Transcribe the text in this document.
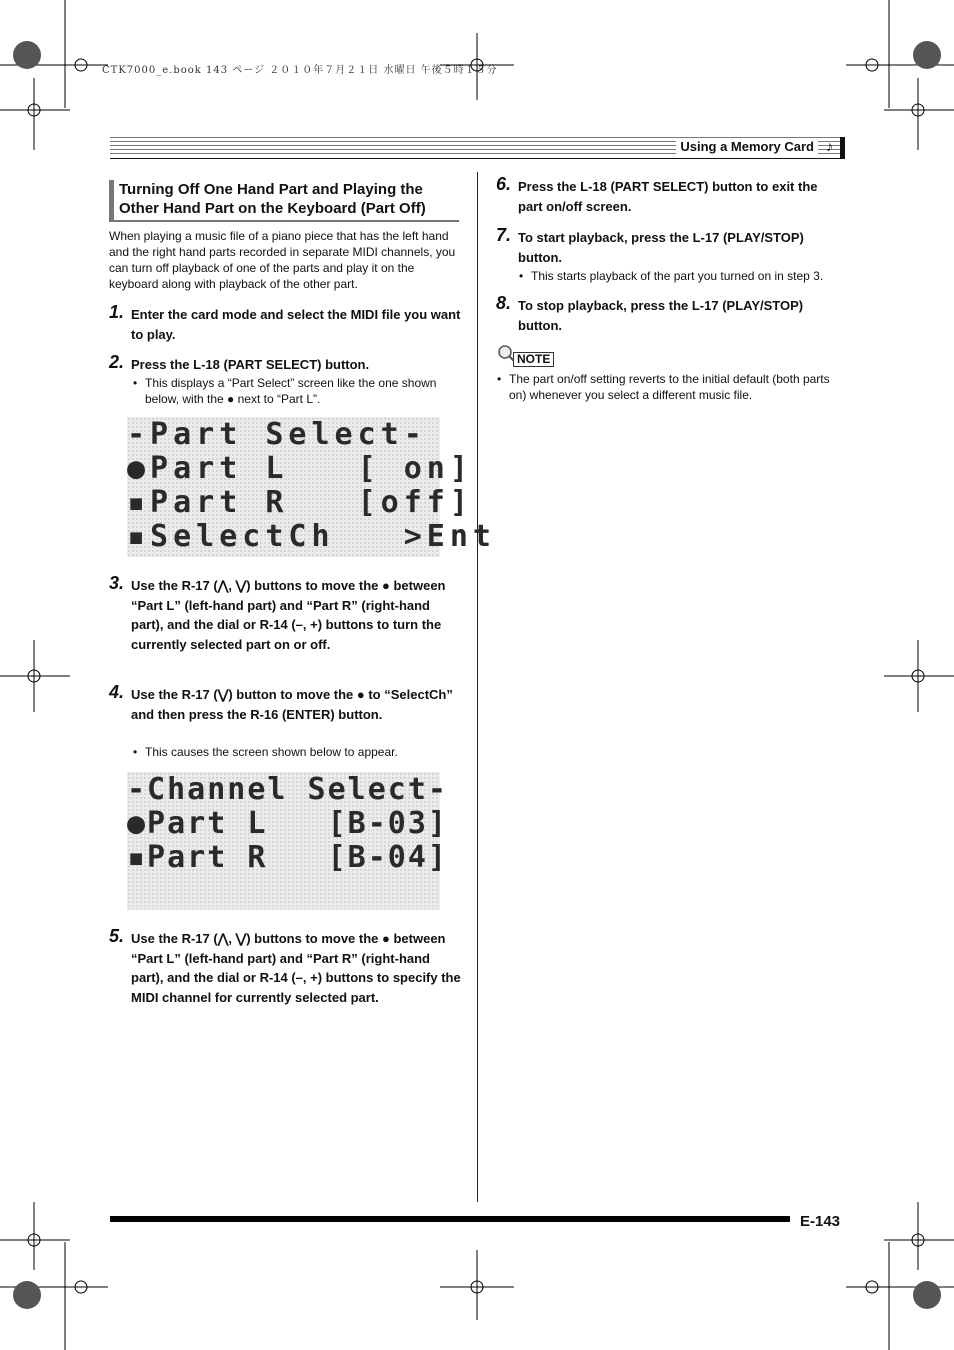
CTK7000_e.book 143 ページ ２０１０年７月２１日 水曜日 午後５時１５分
Using a Memory Card ♪
Turning Off One Hand Part and Playing the Other Hand Part on the Keyboard (Part Off)
When playing a music file of a piano piece that has the left hand and the right hand parts recorded in separate MIDI channels, you can turn off playback of one of the parts and play it on the keyboard along with playback of the other part.
1. Enter the card mode and select the MIDI file you want to play.
2. Press the L-18 (PART SELECT) button.
• This displays a “Part Select” screen like the one shown below, with the ● next to “Part L”.
-Part Select-
●Part L   [ on]
▪Part R   [off]
▪SelectCh   >Ent
3. Use the R-17 (⋀, ⋁) buttons to move the ● between “Part L” (left-hand part) and “Part R” (right-hand part), and the dial or R-14 (–, +) buttons to turn the currently selected part on or off.
4. Use the R-17 (⋁) button to move the ● to “SelectCh” and then press the R-16 (ENTER) button.
• This causes the screen shown below to appear.
-Channel Select-
●Part L   [B-03]
▪Part R   [B-04]
5. Use the R-17 (⋀, ⋁) buttons to move the ● between “Part L” (left-hand part) and “Part R” (right-hand part), and the dial or R-14 (–, +) buttons to specify the MIDI channel for currently selected part.
6. Press the L-18 (PART SELECT) button to exit the part on/off screen.
7. To start playback, press the L-17 (PLAY/STOP) button.
• This starts playback of the part you turned on in step 3.
8. To stop playback, press the L-17 (PLAY/STOP) button.
NOTE
• The part on/off setting reverts to the initial default (both parts on) whenever you select a different music file.
E-143
